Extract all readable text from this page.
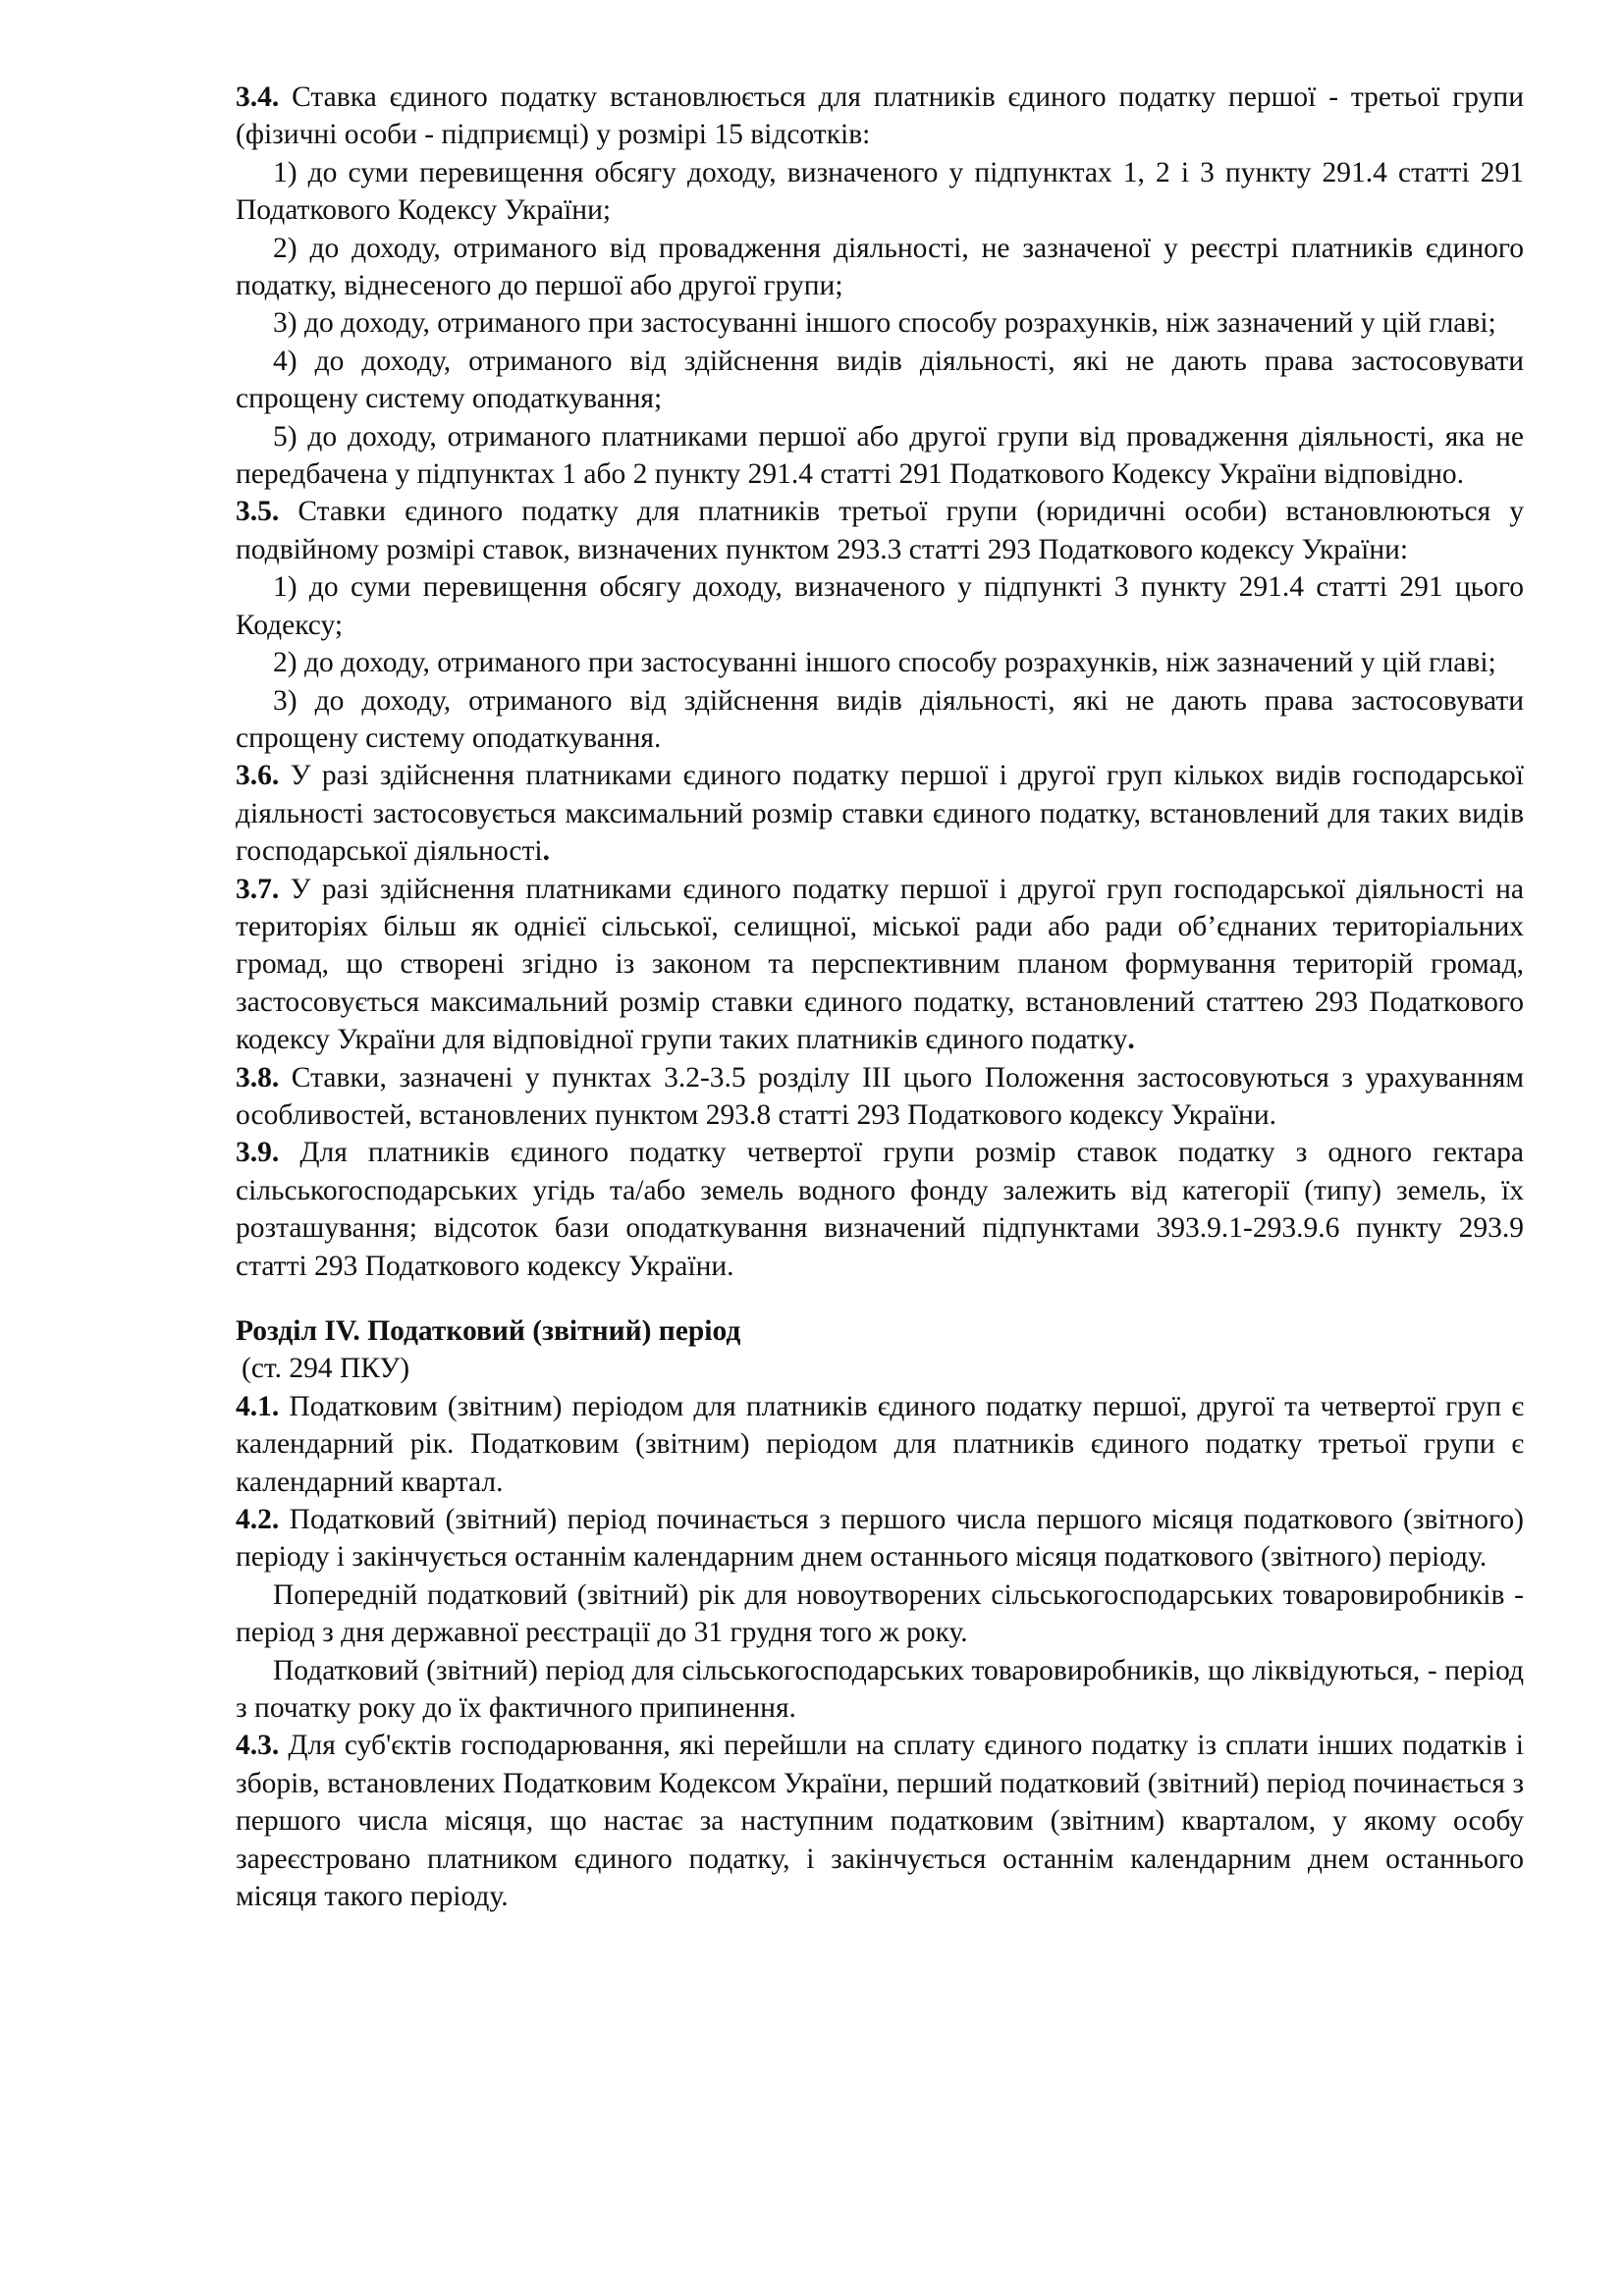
3.4. Ставка єдиного податку встановлюється для платників єдиного податку першої - третьої групи (фізичні особи - підприємці) у розмірі 15 відсотків:

1) до суми перевищення обсягу доходу, визначеного у підпунктах 1, 2 і 3 пункту 291.4 статті 291 Податкового Кодексу України;

2) до доходу, отриманого від провадження діяльності, не зазначеної у реєстрі платників єдиного податку, віднесеного до першої або другої групи;

3) до доходу, отриманого при застосуванні іншого способу розрахунків, ніж зазначений у цій главі;

4) до доходу, отриманого від здійснення видів діяльності, які не дають права застосовувати спрощену систему оподаткування;

5) до доходу, отриманого платниками першої або другої групи від провадження діяльності, яка не передбачена у підпунктах 1 або 2 пункту 291.4 статті 291 Податкового Кодексу України відповідно.

3.5. Ставки єдиного податку для платників третьої групи (юридичні особи) встановлюються у подвійному розмірі ставок, визначених пунктом 293.3 статті 293 Податкового кодексу України:

1) до суми перевищення обсягу доходу, визначеного у підпункті 3 пункту 291.4 статті 291 цього Кодексу;

2) до доходу, отриманого при застосуванні іншого способу розрахунків, ніж зазначений у цій главі;

3) до доходу, отриманого від здійснення видів діяльності, які не дають права застосовувати спрощену систему оподаткування.

3.6. У разі здійснення платниками єдиного податку першої і другої груп кількох видів господарської діяльності застосовується максимальний розмір ставки єдиного податку, встановлений для таких видів господарської діяльності.

3.7. У разі здійснення платниками єдиного податку першої і другої груп господарської діяльності на територіях більш як однієї сільської, селищної, міської ради або ради об’єднаних територіальних громад, що створені згідно із законом та перспективним планом формування територій громад, застосовується максимальний розмір ставки єдиного податку, встановлений статтею 293 Податкового кодексу України для відповідної групи таких платників єдиного податку.

3.8. Ставки, зазначені у пунктах 3.2-3.5 розділу ІІІ цього Положення застосовуються з урахуванням особливостей, встановлених пунктом 293.8 статті 293 Податкового кодексу України.

3.9. Для платників єдиного податку четвертої групи розмір ставок податку з одного гектара сільськогосподарських угідь та/або земель водного фонду залежить від категорії (типу) земель, їх розташування; відсоток бази оподаткування визначений підпунктами 393.9.1-293.9.6 пункту 293.9 статті 293 Податкового кодексу України.

Розділ IV. Податковий (звітний) період

(ст. 294 ПКУ)

4.1. Податковим (звітним) періодом для платників єдиного податку першої, другої та четвертої груп є календарний рік. Податковим (звітним) періодом для платників єдиного податку третьої групи є календарний квартал.

4.2. Податковий (звітний) період починається з першого числа першого місяця податкового (звітного) періоду і закінчується останнім календарним днем останнього місяця податкового (звітного) періоду.

Попередній податковий (звітний) рік для новоутворених сільськогосподарських товаровиробників - період з дня державної реєстрації до 31 грудня того ж року.

Податковий (звітний) період для сільськогосподарських товаровиробників, що ліквідуються, - період з початку року до їх фактичного припинення.

4.3. Для суб'єктів господарювання, які перейшли на сплату єдиного податку із сплати інших податків і зборів, встановлених Податковим Кодексом України, перший податковий (звітний) період починається з першого числа місяця, що настає за наступним податковим (звітним) кварталом, у якому особу зареєстровано платником єдиного податку, і закінчується останнім календарним днем останнього місяця такого періоду.
